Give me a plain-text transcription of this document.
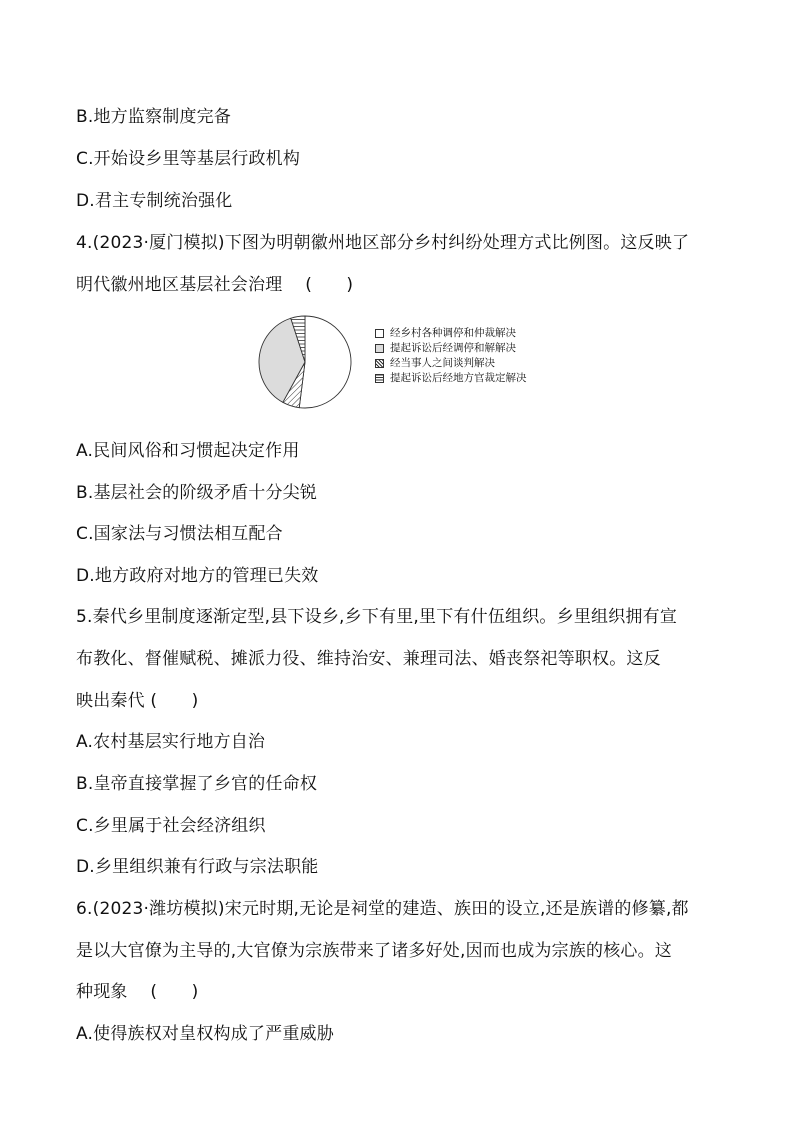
B.地方监察制度完备
C.开始设乡里等基层行政机构
D.君主专制统治强化
4.(2023·厦门模拟)下图为明朝徽州地区部分乡村纠纷处理方式比例图。这反映了
明代徽州地区基层社会治理　 (　　)
经乡村各种调停和仲裁解决
提起诉讼后经调停和解解决
经当事人之间谈判解决
提起诉讼后经地方官裁定解决
A.民间风俗和习惯起决定作用
B.基层社会的阶级矛盾十分尖锐
C.国家法与习惯法相互配合
D.地方政府对地方的管理已失效
5.秦代乡里制度逐渐定型,县下设乡,乡下有里,里下有什伍组织。乡里组织拥有宣
布教化、督催赋税、摊派力役、维持治安、兼理司法、婚丧祭祀等职权。这反
映出秦代 (　　)
A.农村基层实行地方自治
B.皇帝直接掌握了乡官的任命权
C.乡里属于社会经济组织
D.乡里组织兼有行政与宗法职能
6.(2023·潍坊模拟)宋元时期,无论是祠堂的建造、族田的设立,还是族谱的修纂,都
是以大官僚为主导的,大官僚为宗族带来了诸多好处,因而也成为宗族的核心。这
种现象　 (　　)
A.使得族权对皇权构成了严重威胁
